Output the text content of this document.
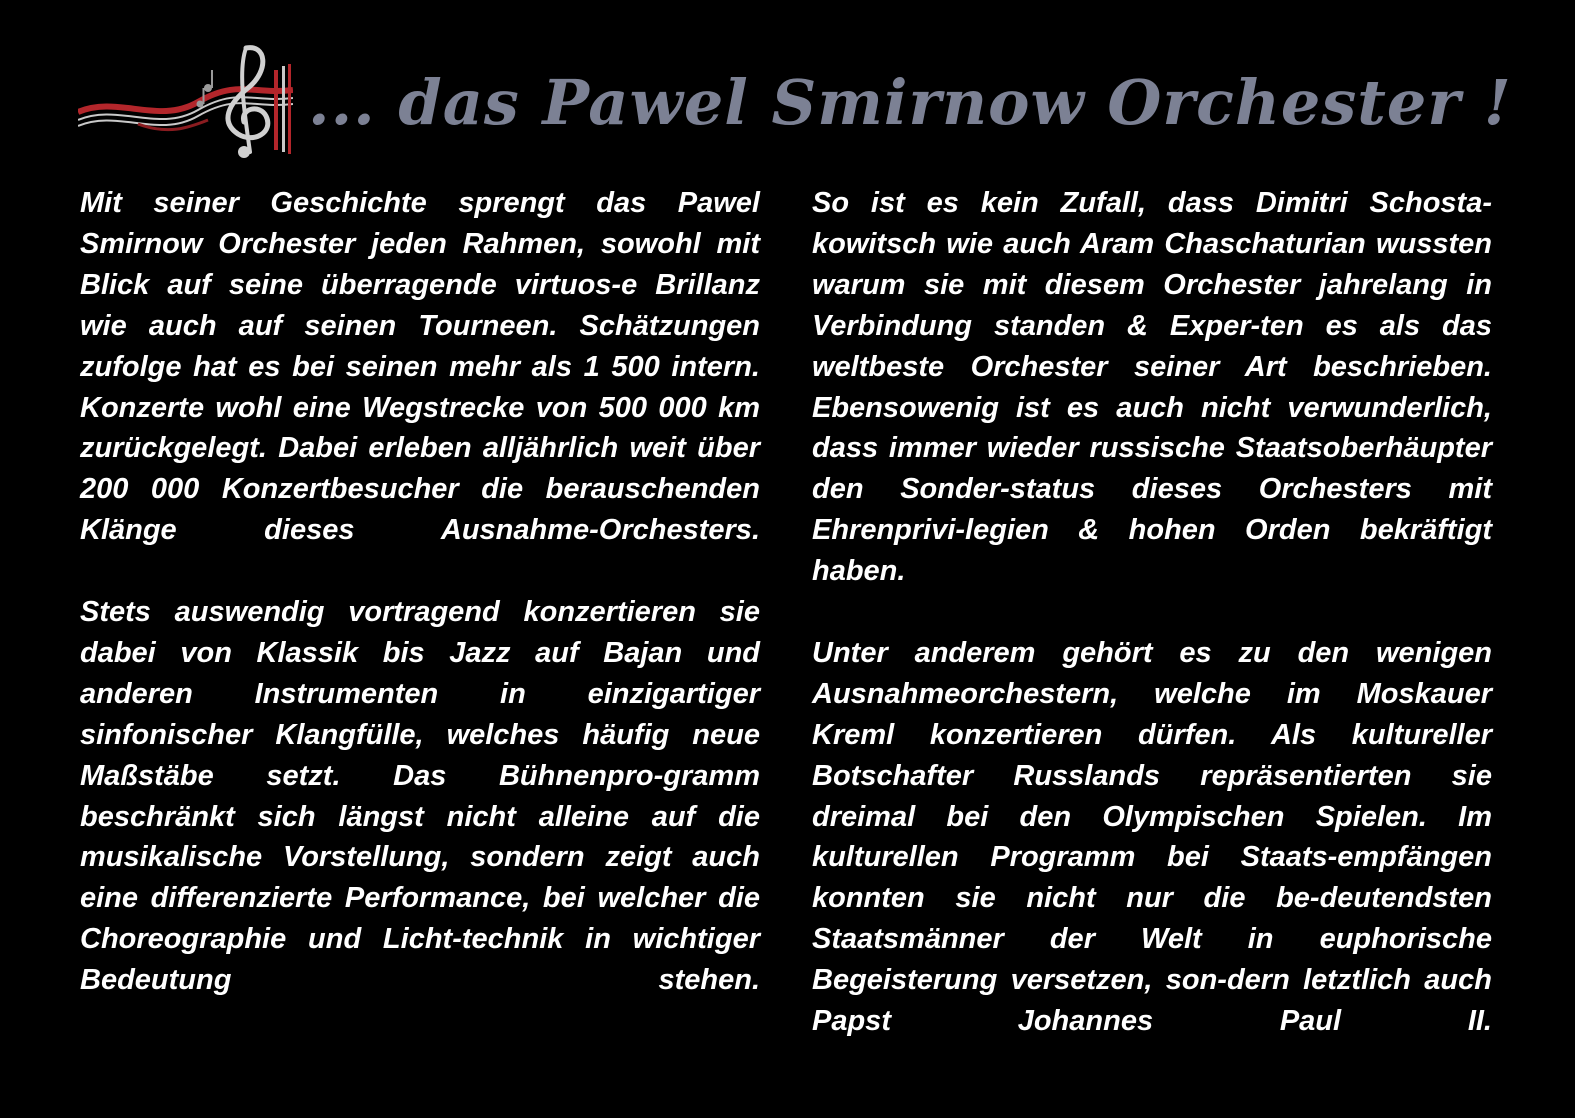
... das Pawel Smirnow Orchester !

Mit seiner Geschichte sprengt das Pawel Smirnow Orchester jeden Rahmen, sowohl mit Blick auf seine überragende virtuos-e Brillanz wie auch auf seinen Tourneen. Schätzungen zufolge hat es bei seinen mehr als 1 500 intern. Konzerte wohl eine Wegstrecke von 500 000 km zurückgelegt. Dabei erleben alljährlich weit über 200 000 Konzertbesucher die berauschenden Klänge dieses Ausnahme-Orchesters.

Stets auswendig vortragend konzertieren sie dabei von Klassik bis Jazz auf Bajan und anderen Instrumenten in einzigartiger sinfonischer Klangfülle, welches häufig neue Maßstäbe setzt. Das Bühnenpro-gramm beschränkt sich längst nicht alleine auf die musikalische Vorstellung, sondern zeigt auch eine differenzierte Performance, bei welcher die Choreographie und Licht-technik in wichtiger Bedeutung stehen.

So ist es kein Zufall, dass Dimitri Schosta-kowitsch wie auch Aram Chaschaturian wussten warum sie mit diesem Orchester jahrelang in Verbindung standen & Exper-ten es als das weltbeste Orchester seiner Art beschrieben. Ebensowenig ist es auch nicht verwunderlich, dass immer wieder russische Staatsoberhäupter den Sonder-status dieses Orchesters mit Ehrenprivi-legien & hohen Orden bekräftigt haben.

Unter anderem gehört es zu den wenigen Ausnahmeorchestern, welche im Moskauer Kreml konzertieren dürfen. Als kultureller Botschafter Russlands repräsentierten sie dreimal bei den Olympischen Spielen. Im kulturellen Programm bei Staats-empfängen konnten sie nicht nur die be-deutendsten Staatsmänner der Welt in euphorische Begeisterung versetzen, son-dern letztlich auch Papst Johannes Paul II.
